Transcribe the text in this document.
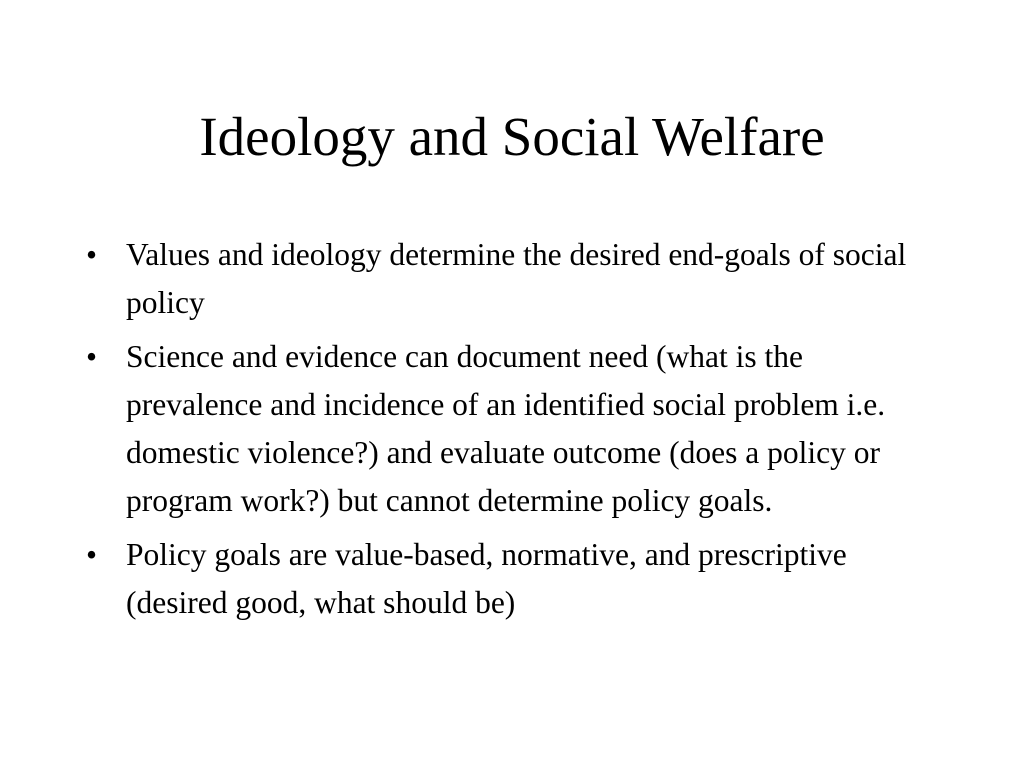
Ideology and Social Welfare
• Values and ideology determine the desired end-goals of social policy
• Science and evidence can document need (what is the prevalence and incidence of an identified social problem i.e. domestic violence?) and evaluate outcome (does a policy or program work?) but cannot determine policy goals.
• Policy goals are value-based, normative, and prescriptive (desired good, what should be)
